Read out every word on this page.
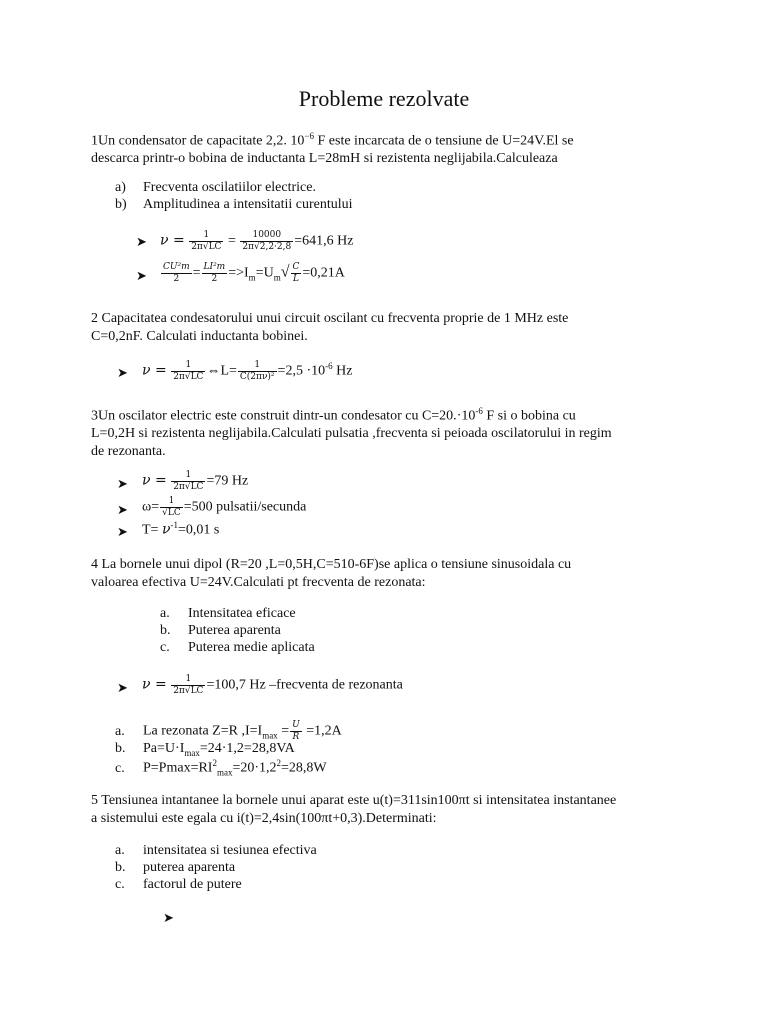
Probleme rezolvate
1Un condensator de capacitate 2,2. $10^{-6}$ F este incarcata de o tensiune de U=24V.El se
descarca printr-o bobina de inductanta L=28mH si rezistenta neglijabila.Calculeaza
a) Frecventa oscilatiilor electrice.
b) Amplitudinea a intensitatii curentului
➤ $\nu = \frac{1}{2\pi√LC} = \frac{10000}{2\pi√2,2\cdot 2,8} =641,6$ Hz
➤ $\frac{\text{CU²m}}{2} = \frac{\text{LI²m}}{2} =>I_m=U_m√ \frac{C}{L} =0,21A$
2 Capacitatea condesatorului unui circuit oscilant cu frecventa proprie de 1 MHz este
C=0,2nF. Calculati inductanta bobinei.
➤ $\nu = \frac{1}{2\pi√LC}$ ⇔L= $\frac{1}{\text{C(2πν)²}} =2,5 \cdot 10^{-6}$ Hz
3Un oscilator electric este construit dintr-un condesator cu $C=20.\cdot 10^{-6}$ F si o bobina cu
L=0,2H si rezistenta neglijabila.Calculati pulsatia ,frecventa si peioada oscilatorului in regim
de rezonanta.
➤ $\nu = \frac{1}{2\pi√LC} =79$ Hz
➤ $\omega= \frac{1}{√LC} =500$ pulsatii/secunda
➤ $T= \nu^{-1}=0,01$ s
4 La bornele unui dipol (R=20 ,L=0,5H,C=510-6F)se aplica o tensiune sinusoidala cu
valoarea efectiva U=24V.Calculati pt frecventa de rezonata:
a. Intensitatea eficace
b. Puterea aparenta
c. Puterea medie aplicata
➤ $\nu = \frac{1}{2\pi√LC} =100,7$ Hz –frecventa de rezonanta
a. La rezonata Z=R $,I=I_{max} = \frac{U}{R} =1,2A$
b. $Pa=U\cdot I_{max}=24\cdot 1,2=28,8VA$
c. $P=Pmax=RI^2_{max}=20\cdot 1,2^2=28,8W$
5 Tensiunea intantanee la bornele unui aparat este u(t)=311sin100πt si intensitatea instantanee
a sistemului este egala cu i(t)=2,4sin(100πt+0,3).Determinati:
a. intensitatea si tesiunea efectiva
b. puterea aparenta
c. factorul de putere
➤
